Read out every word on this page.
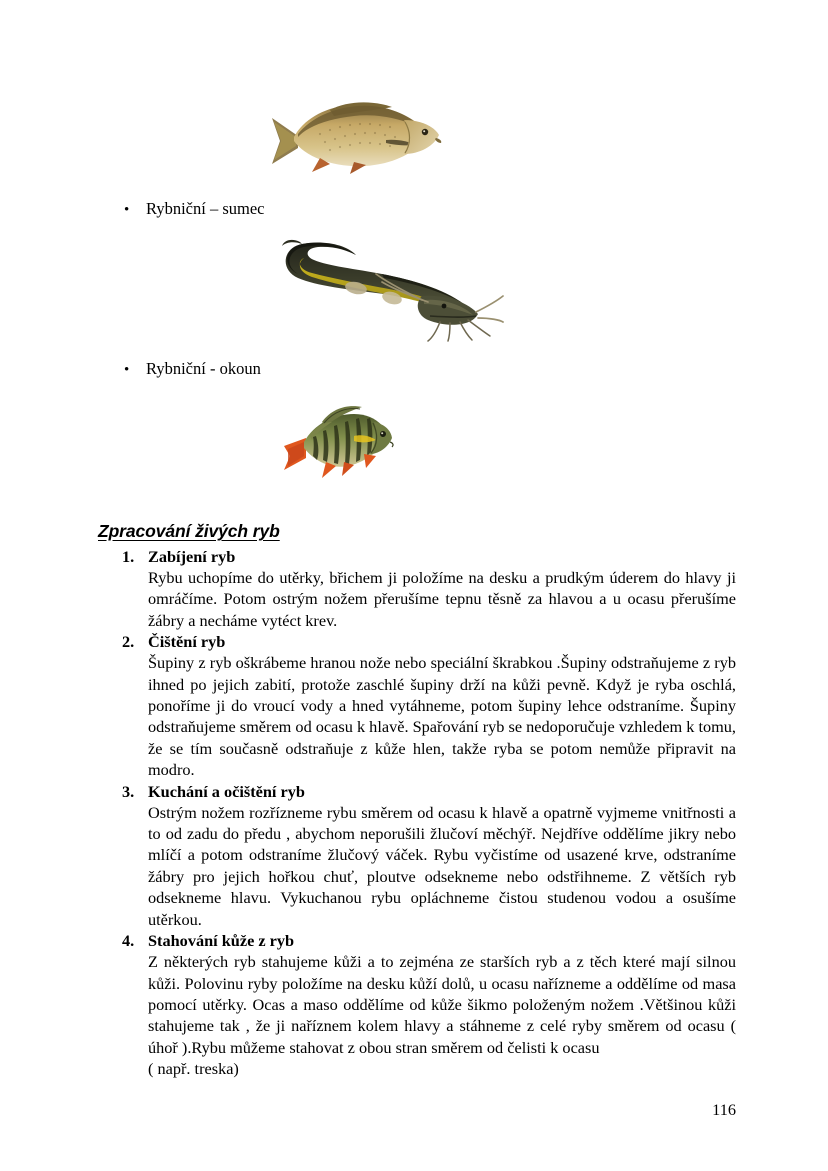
•	Rybniční – sumec
•	Rybniční - okoun
Zpracování živých ryb
1. Zabíjení ryb
Rybu uchopíme do utěrky, břichem ji položíme na desku a prudkým úderem do hlavy ji omráčíme. Potom ostrým nožem přerušíme tepnu těsně za hlavou a u ocasu přerušíme žábry a necháme vytéct krev.
2. Čištění ryb
Šupiny z ryb oškrábeme hranou nože nebo speciální škrabkou .Šupiny odstraňujeme z ryb ihned po jejich zabití, protože zaschlé šupiny drží na kůži pevně. Když je ryba oschlá, ponoříme ji do vroucí vody a hned vytáhneme, potom šupiny lehce odstraníme. Šupiny odstraňujeme směrem od ocasu k hlavě. Spařování ryb se nedoporučuje vzhledem k tomu, že se tím současně odstraňuje z kůže hlen, takže ryba se potom nemůže připravit na modro.
3. Kuchání a očištění ryb
Ostrým nožem rozřízneme rybu směrem od ocasu k hlavě a opatrně vyjmeme vnitřnosti a to od zadu do předu , abychom neporušili žlučoví měchýř. Nejdříve oddělíme jikry nebo mlíčí a potom odstraníme žlučový váček. Rybu vyčistíme od usazené krve, odstraníme žábry pro jejich hořkou chuť, ploutve odsekneme nebo odstřihneme. Z větších ryb odsekneme hlavu. Vykuchanou rybu opláchneme čistou studenou vodou a osušíme utěrkou.
4. Stahování kůže z ryb
Z některých ryb stahujeme kůži a to zejména ze starších ryb a z těch které mají silnou kůži. Polovinu ryby položíme na desku kůží dolů, u ocasu nařízneme a oddělíme od masa pomocí utěrky. Ocas a maso oddělíme od kůže šikmo položeným nožem .Většinou kůži stahujeme tak , že ji naříznem kolem hlavy a stáhneme z celé ryby směrem od ocasu ( úhoř ).Rybu můžeme stahovat z obou stran směrem od čelisti k ocasu
( např. treska)
116
